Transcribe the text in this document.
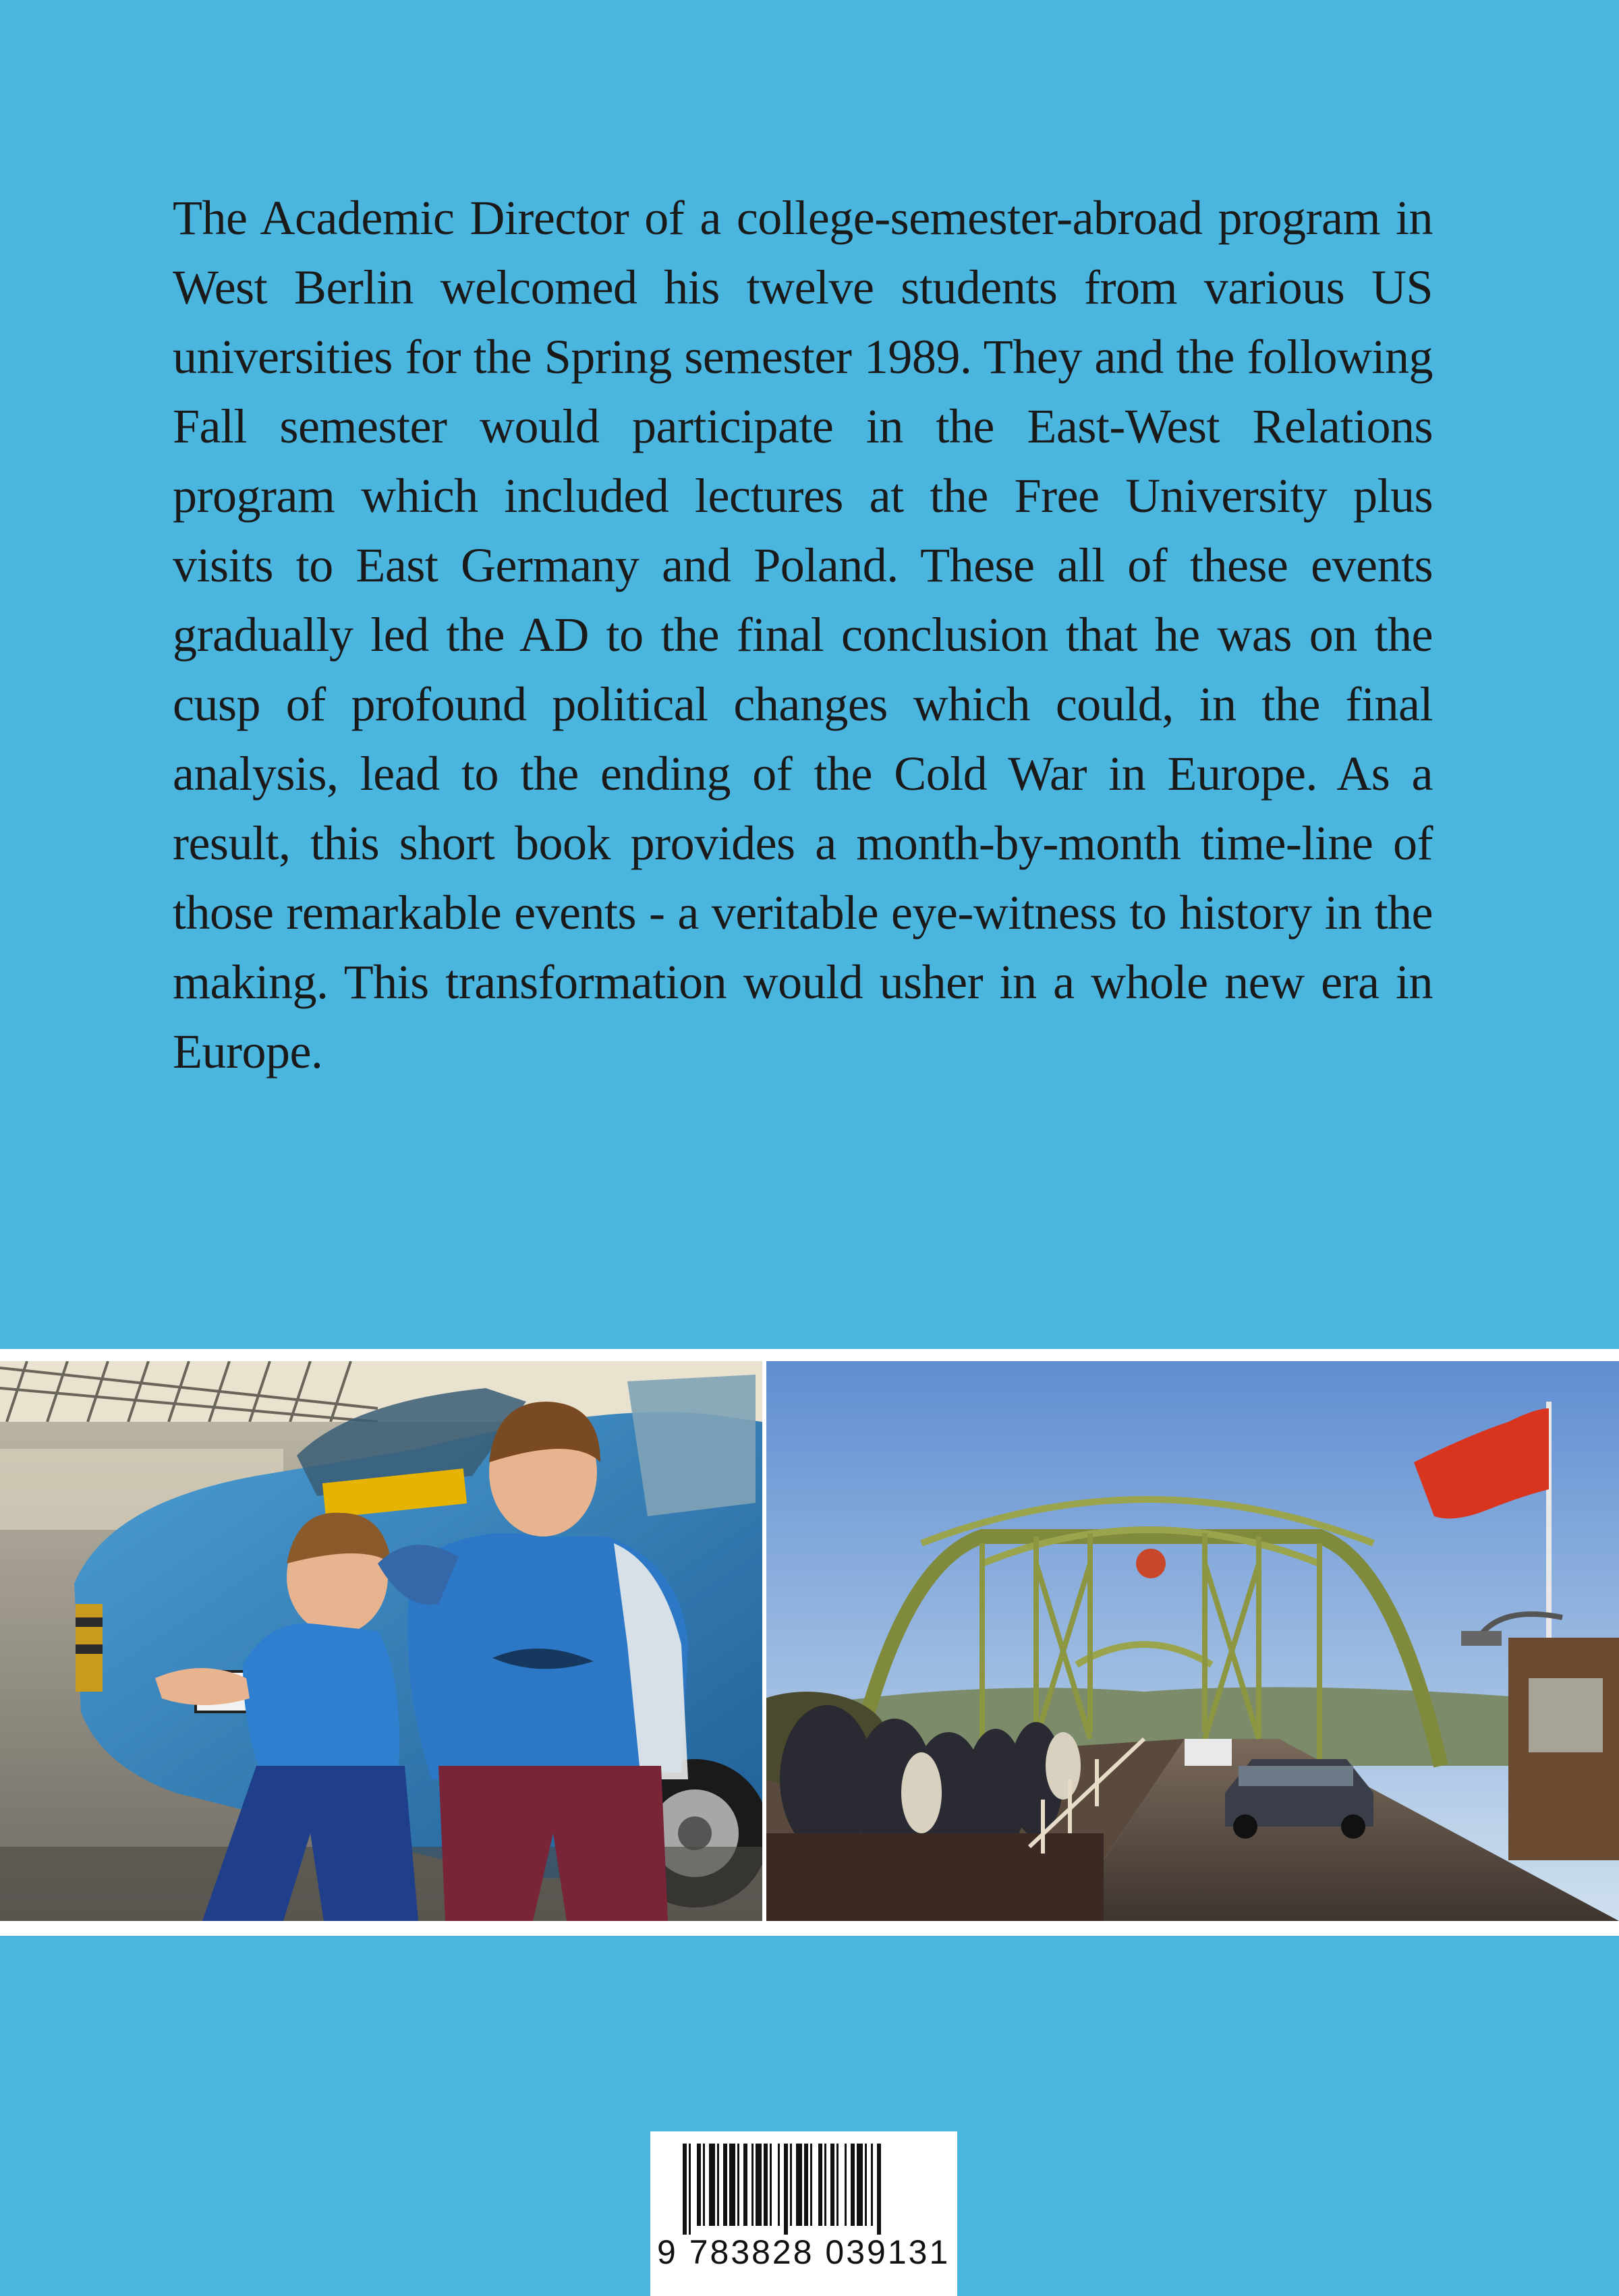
The Academic Director of a college-semester-abroad program in West Berlin welcomed his twelve students from various US universities for the Spring semester 1989. They and the following Fall semester would participate in the East-West Relations program which included lectures at the Free University plus visits to East Germany and Poland. These all of these events gradually led the AD to the final conclusion that he was on the cusp of profound political changes which could, in the final analysis, lead to the ending of the Cold War in Europe. As a result, this short book provides a month-by-month time-line of those remarkable events - a veritable eye-witness to history in the making. This transformation would usher in a whole new era in Europe.

9 783828 039131
